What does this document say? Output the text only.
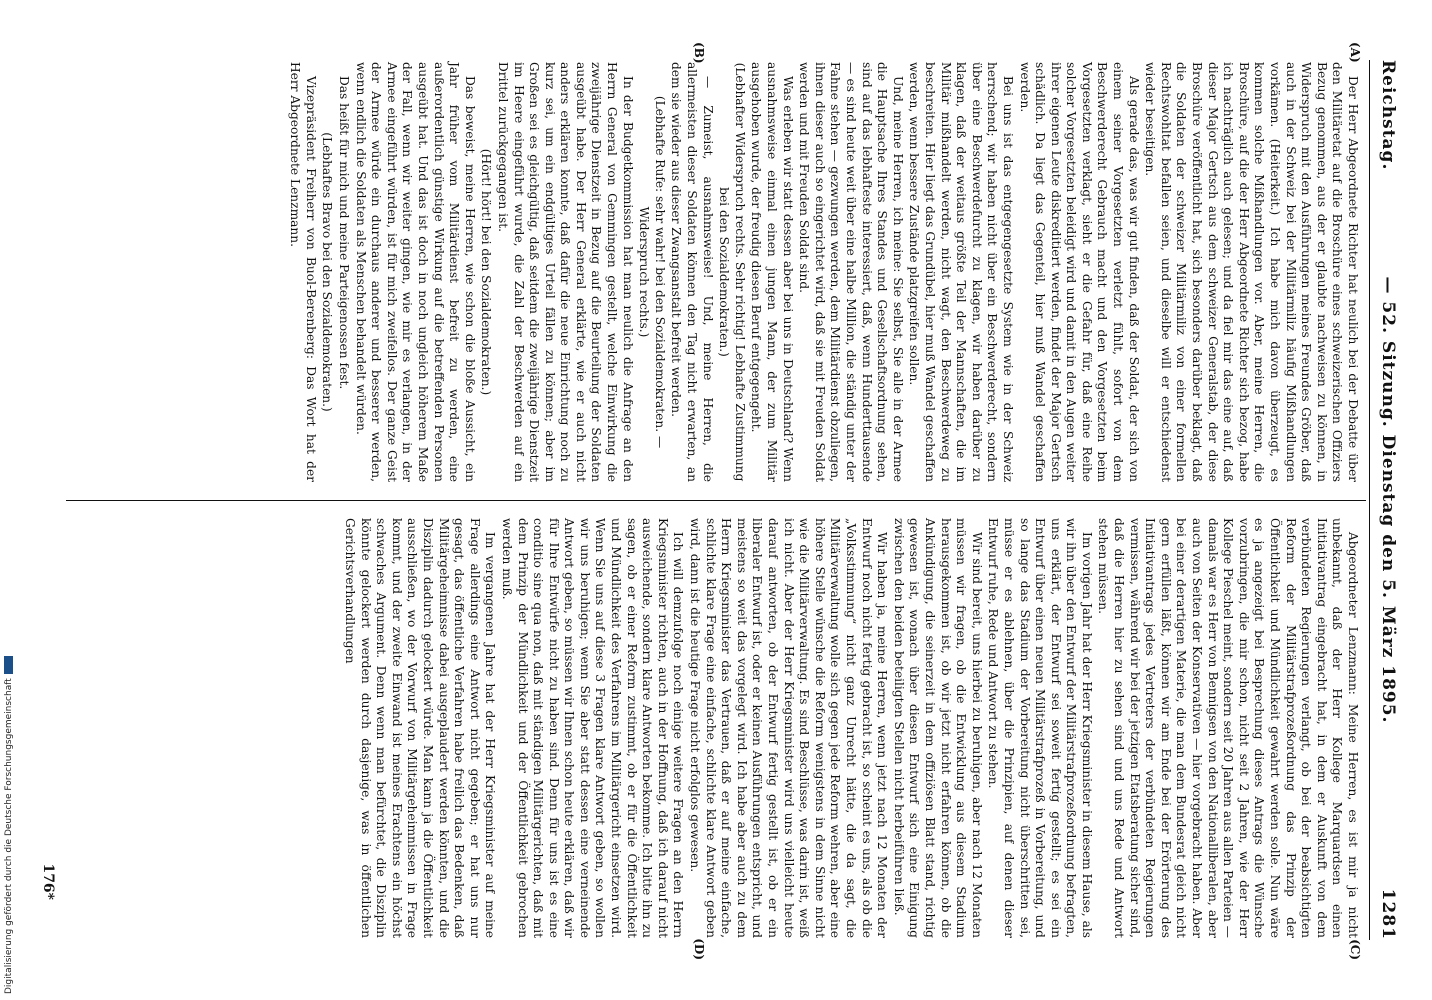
Reichstag.
— 52. Sitzung. Dienstag den 5. März 1895.
1281
(A)
(B)
(C)
(D)

Der Herr Abgeordnete Richter hat neulich bei der Debatte über den Militäretat auf die Broschüre eines schweizerischen Offiziers Bezug genommen, aus der er glaubte nachweisen zu können, in Widerspruch mit den Ausführungen meines Freundes Gröber, daß auch in der Schweiz bei der Militärmiliz häufig Mißhandlungen vorkämen. (Heiterkeit.) Ich habe mich davon überzeugt, es kommen solche Mißhandlungen vor. Aber, meine Herren, die Broschüre, auf die der Herr Abgeordnete Richter sich bezog, habe ich nachträglich auch gelesen; und da fiel mir das eine auf, daß dieser Major Gertsch aus dem schweizer Generalstab, der diese Broschüre veröffentlicht hat, sich besonders darüber beklagt, daß die Soldaten der schweizer Militärmiliz von einer formellen Rechtswohltat befallen seien, und dieselbe will er entschiedenst wieder beseitigen.

Als gerade das, was wir gut finden, daß der Soldat, der sich von einem seiner Vorgesetzten verletzt fühlt, sofort von dem Beschwerderecht Gebrauch macht und den Vorgesetzten beim Vorgesetzten verklagt, sieht er die Gefahr für, daß eine Reihe solcher Vorgesetzten beleidigt wird und damit in den Augen weiter ihrer eigenen Leute diskreditiert werden, findet der Major Gertsch schädlich. Da liegt das Gegenteil, hier muß Wandel geschaffen werden.

Bei uns ist das entgegengesetzte System wie in der Schweiz herrschend; wir haben nicht über ein Beschwerderecht, sondern über eine Beschwerdefurcht zu klagen, wir haben darüber zu klagen, daß der weitaus größte Teil der Mannschaften, die im Militär mißhandelt werden, nicht wagt, den Beschwerdeweg zu beschreiten. Hier liegt das Grundübel, hier muß Wandel geschaffen werden, wenn bessere Zustände platzgreifen sollen.

Und, meine Herren, ich meine: Sie selbst, Sie alle in der Armee die Hauptsache Ihres Standes und Gesellschaftsordnung sehen, sind auf das lebhafteste interessiert, daß, wenn Hunderttausende — es sind heute weit über eine halbe Million, die ständig unter der Fahne stehen — gezwungen werden, dem Militärdienst obzuliegen, ihnen dieser auch so eingerichtet wird, daß sie mit Freuden Soldat werden und mit Freuden Soldat sind.

Was erleben wir statt dessen aber bei uns in Deutschland? Wenn ausnahmsweise einmal einen jungen Mann, der zum Militär ausgehoben wurde, der freudig diesen Beruf entgegengeht.

(Lebhafter Widerspruch rechts. Sehr richtig! Lebhafte Zustimmung bei den Sozialdemokraten.)

— Zumeist, ausnahmsweise! Und, meine Herren, die allermeisten dieser Soldaten können den Tag nicht erwarten, an dem sie wieder aus dieser Zwangsanstalt befreit werden.

(Lebhafte Rufe: sehr wahr! bei den Sozialdemokraten. — Widerspruch rechts.)

In der Budgetkommission hat man neulich die Anfrage an den Herrn General von Gemmingen gestellt, welche Einwirkung die zweijährige Dienstzeit in Bezug auf die Beurteilung der Soldaten ausgeübt habe. Der Herr General erklärte, wie er auch nicht anders erklären konnte, daß dafür die neue Einrichtung noch zu kurz sei, um ein endgültiges Urteil fällen zu können; aber im Großen sei es gleichgültig, daß seitdem die zweijährige Dienstzeit im Heere eingeführt wurde, die Zahl der Beschwerden auf ein Drittel zurückgegangen ist.

(Hört! hört! bei den Sozialdemokraten.)

Das beweist, meine Herren, wie schon die bloße Aussicht, ein Jahr früher vom Militärdienst befreit zu werden, eine außerordentlich günstige Wirkung auf die betreffenden Personen ausgeübt hat. Und das ist doch in noch ungleich höherem Maße der Fall, wenn wir weiter gingen, wie mir es verlangen, in der Armee eingeführt würden, ist für mich zweifellos. Der ganze Geist der Armee würde ein durchaus anderer und besserer werden, wenn endlich die Soldaten als Menschen behandelt würden.

Das heißt für mich und meine Parteigenossen fest.

(Lebhaftes Bravo bei den Sozialdemokraten.)

Vizepräsident Freiherr von Buol-Berenberg: Das Wort hat der Herr Abgeordnete Lenzmann.

Abgeordneter Lenzmann: Meine Herren, es ist mir ja nicht unbekannt, daß der Herr Kollege Marquardsen einen Initiativantrag eingebracht hat, in dem er Auskunft von dem verbündeten Regierungen verlangt, ob bei der beabsichtigten Reform der Militärstrafprozeßordnung das Prinzip der Öffentlichkeit und Mündlichkeit gewahrt werden solle. Nun wäre es ja angezeigt bei Besprechung dieses Antrags die Wünsche vorzubringen, die mir schon, nicht seit 2 Jahren, wie der Herr Kollege Pieschel meint, sondern seit 20 Jahren aus allen Parteien — damals war es Herr von Bennigsen von den Nationalliberalen, aber auch von Seiten der Konservativen — hier vorgebracht haben. Aber bei einer derartigen Materie, die man dem Bundesrat gleich nicht gern erfüllen läßt, können wir am Ende bei der Erörterung des Initiativantrags jedes Vertreters der verbündeten Regierungen vermissen, während wir bei der jetzigen Etatsberatung sicher sind, daß die Herren hier zu sehen sind und uns Rede und Antwort stehen müssen.

Im vorigen Jahr hat der Herr Kriegsminister in diesem Hause, als wir ihn über den Entwurf der Militärstrafprozeßordnung befragten, uns erklärt, der Entwurf sei soweit fertig gestellt; es sei ein Entwurf über einen neuen Militärstrafprozeß in Vorbereitung, und so lange das Stadium der Vorbereitung nicht überschritten sei, müsse er es ablehnen, über die Prinzipien, auf denen dieser Entwurf ruhe, Rede und Antwort zu stehen.

Wir sind bereit, uns hierbei zu beruhigen, aber nach 12 Monaten müssen wir fragen, ob die Entwicklung aus diesem Stadium herausgekommen ist, ob wir jetzt nicht erfahren können, ob die Ankündigung, die seinerzeit in dem offiziösen Blatt stand, richtig gewesen ist, wonach über diesen Entwurf sich eine Einigung zwischen den beiden beteiligten Stellen nicht herbeiführen ließ.

Wir haben ja, meine Herren, wenn jetzt nach 12 Monaten der Entwurf noch nicht fertig gebracht ist, so scheint es uns, als ob die „Volksstimmung“ nicht ganz Unrecht hätte, die da sagt, die Militärverwaltung wolle sich gegen jede Reform wehren, aber eine höhere Stelle wünsche die Reform wenigstens in dem Sinne nicht wie die Militärverwaltung. Es sind Beschlüsse, was darin ist, weiß ich nicht. Aber der Herr Kriegsminister wird uns vielleicht heute darauf antworten, ob der Entwurf fertig gestellt ist, ob er ein liberaler Entwurf ist, oder er keinen Ausführungen entspricht, und meistens so weit das vorgelegt wird. Ich habe aber auch zu dem Herrn Kriegsminister das Vertrauen, daß er auf meine einfache, schlichte klare Frage eine einfache, schlichte klare Antwort geben wird, dann ist die heutige Frage nicht erfolglos gewesen.

Ich will demzufolge noch einige weitere Fragen an den Herrn Kriegsminister richten, auch in der Hoffnung, daß ich darauf nicht ausweichende, sondern klare Antworten bekomme. Ich bitte ihn zu sagen, ob er einer Reform zustimmt, ob er für die Öffentlichkeit und Mündlichkeit des Verfahrens im Militärgericht einsetzen wird. Wenn Sie uns auf diese 3 Fragen klare Antwort geben, so wollen wir uns beruhigen; wenn Sie aber statt dessen eine verneinende Antwort geben, so müssen wir Ihnen schon heute erklären, daß wir für Ihre Entwürfe nicht zu haben sind. Denn für uns ist es eine conditio sine qua non, daß mit ständigen Militärgerichten, daß mit dem Prinzip der Mündlichkeit und der Öffentlichkeit gebrochen werden muß.

Im vergangenen Jahre hat der Herr Kriegsminister auf meine Frage allerdings eine Antwort nicht gegeben; er hat uns nur gesagt, das öffentliche Verfahren habe freilich das Bedenken, daß Militärgeheimnisse dabei ausgeplaudert werden könnten, und die Disziplin dadurch gelockert würde. Man kann ja die Öffentlichkeit ausschließen, wo der Vorwurf von Militärgeheimnissen in Frage kommt, und der zweite Einwand ist meines Erachtens ein höchst schwaches Argument. Denn wenn man befürchtet, die Disziplin könnte gelockert werden durch dasjenige, was in öffentlichen Gerichtsverhandlungen

176*
Digitalisierung gefördert durch die Deutsche Forschungsgemeinschaft
